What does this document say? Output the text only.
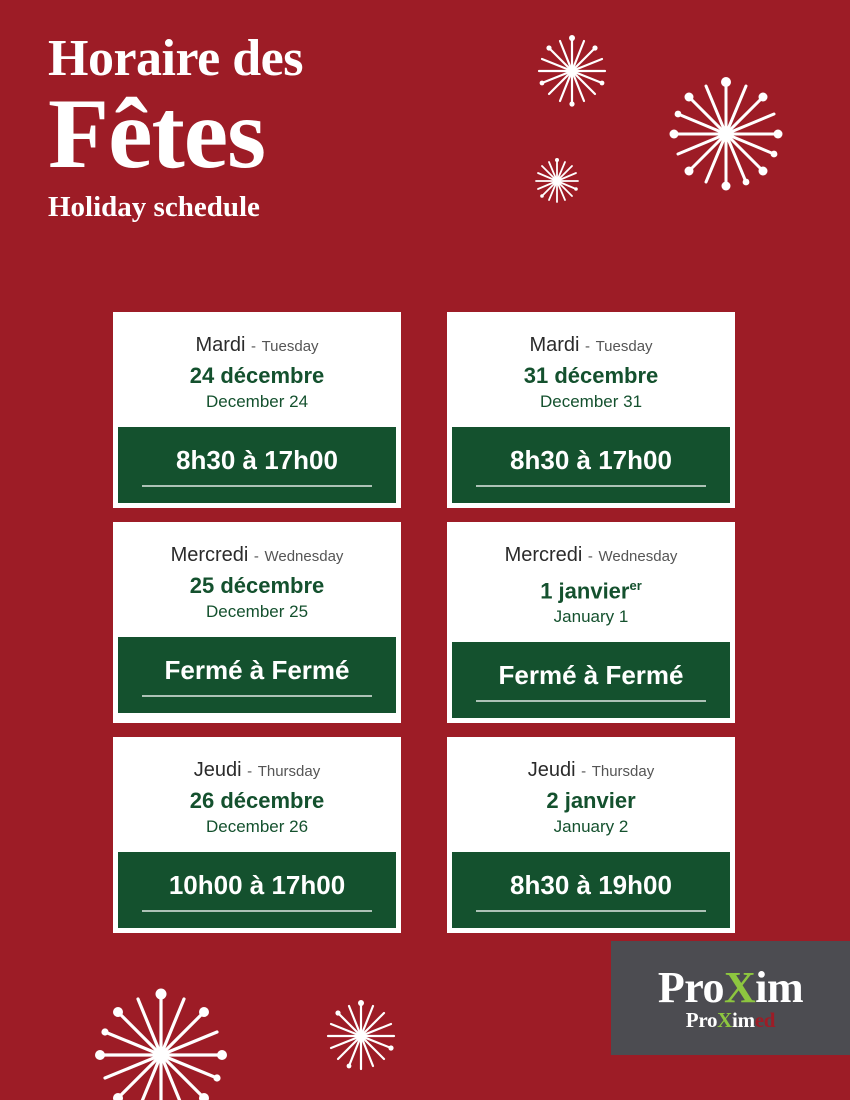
Horaire des
Fêtes
Holiday schedule
Mardi - Tuesday
24 décembre
December 24
8h30 à 17h00
Mardi - Tuesday
31 décembre
December 31
8h30 à 17h00
Mercredi - Wednesday
25 décembre
December 25
Fermé à Fermé
Mercredi - Wednesday
1 janvier$^{er}$
January 1
Fermé à Fermé
Jeudi - Thursday
26 décembre
December 26
10h00 à 17h00
Jeudi - Thursday
2 janvier
January 2
8h30 à 19h00
ProXim
ProXimed
